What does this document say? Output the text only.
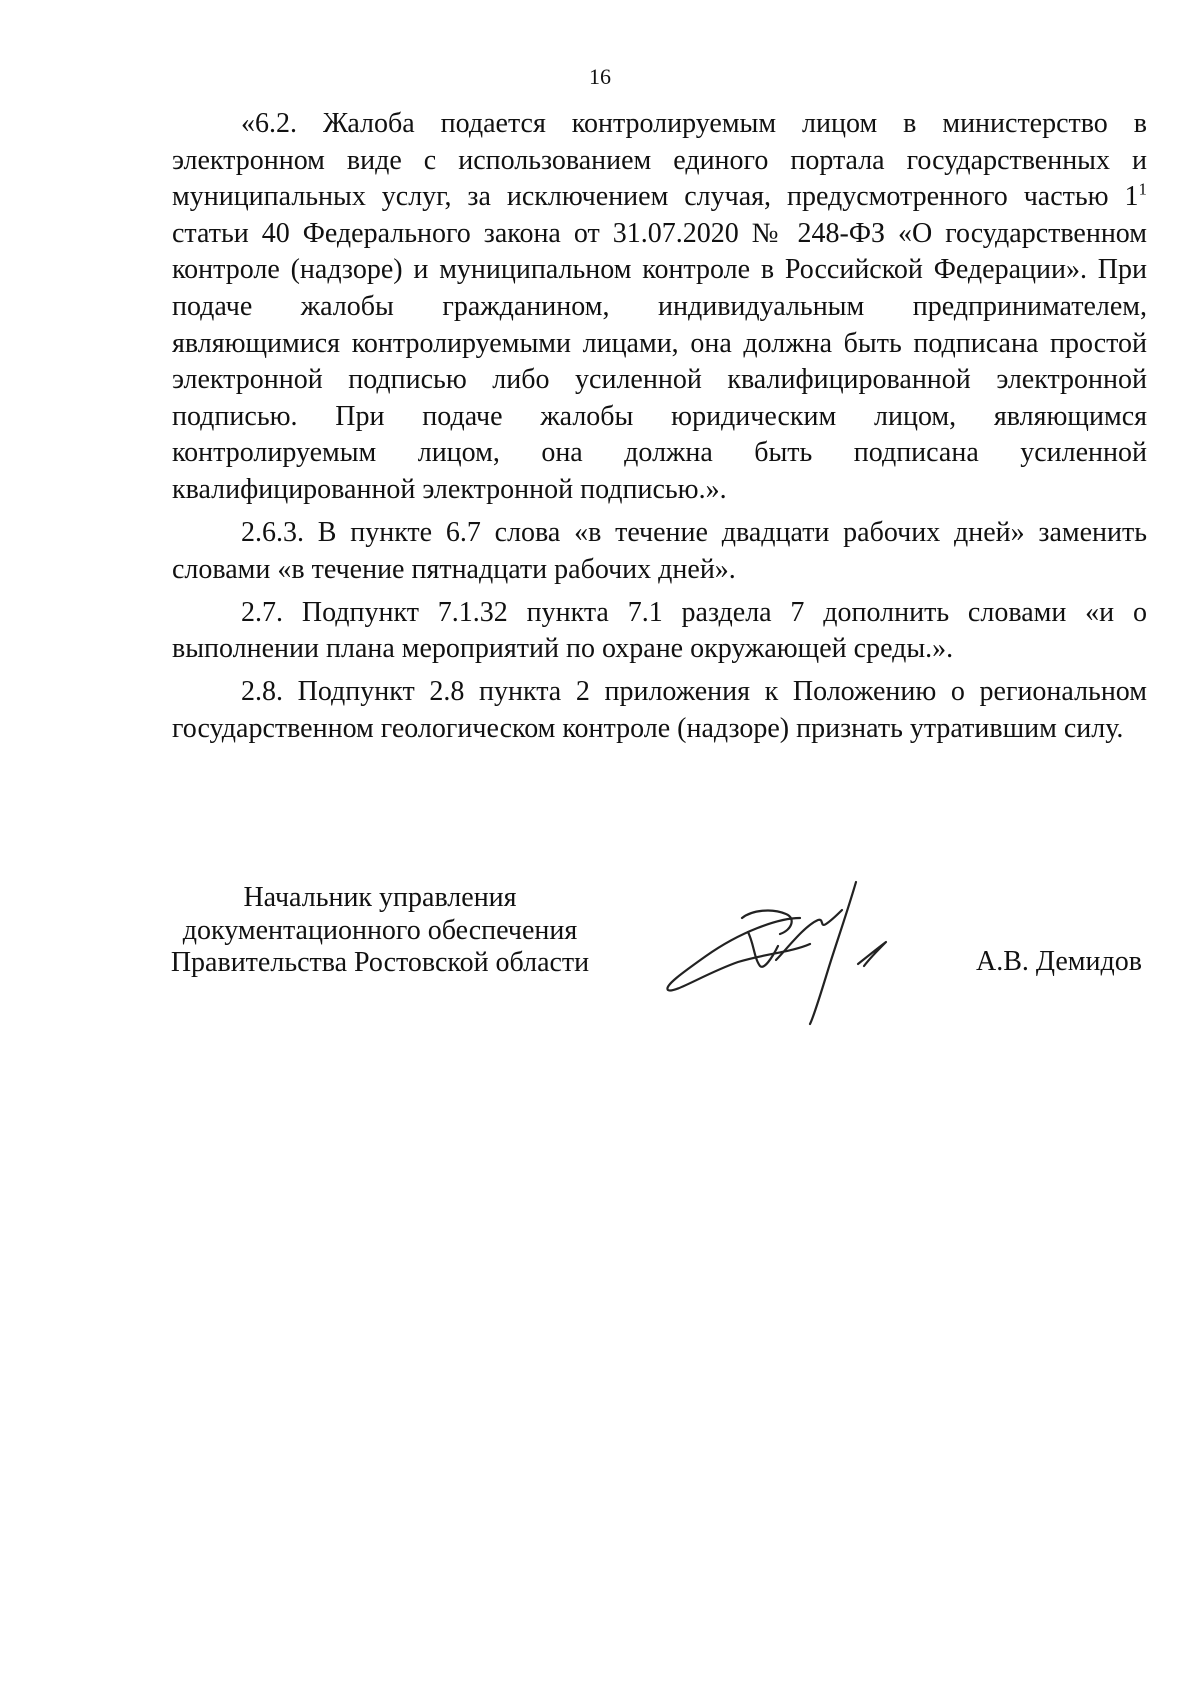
16

«6.2. Жалоба подается контролируемым лицом в министерство в электронном виде с использованием единого портала государственных и муниципальных услуг, за исключением случая, предусмотренного частью $1^1$ статьи 40 Федерального закона от 31.07.2020 № 248-ФЗ «О государственном контроле (надзоре) и муниципальном контроле в Российской Федерации». При подаче жалобы гражданином, индивидуальным предпринимателем, являющимися контролируемыми лицами, она должна быть подписана простой электронной подписью либо усиленной квалифицированной электронной подписью. При подаче жалобы юридическим лицом, являющимся контролируемым лицом, она должна быть подписана усиленной квалифицированной электронной подписью.».

2.6.3. В пункте 6.7 слова «в течение двадцати рабочих дней» заменить словами «в течение пятнадцати рабочих дней».

2.7. Подпункт 7.1.32 пункта 7.1 раздела 7 дополнить словами «и о выполнении плана мероприятий по охране окружающей среды.».

2.8. Подпункт 2.8 пункта 2 приложения к Положению о региональном государственном геологическом контроле (надзоре) признать утратившим силу.

Начальник управления
документационного обеспечения
Правительства Ростовской области	А.В. Демидов
